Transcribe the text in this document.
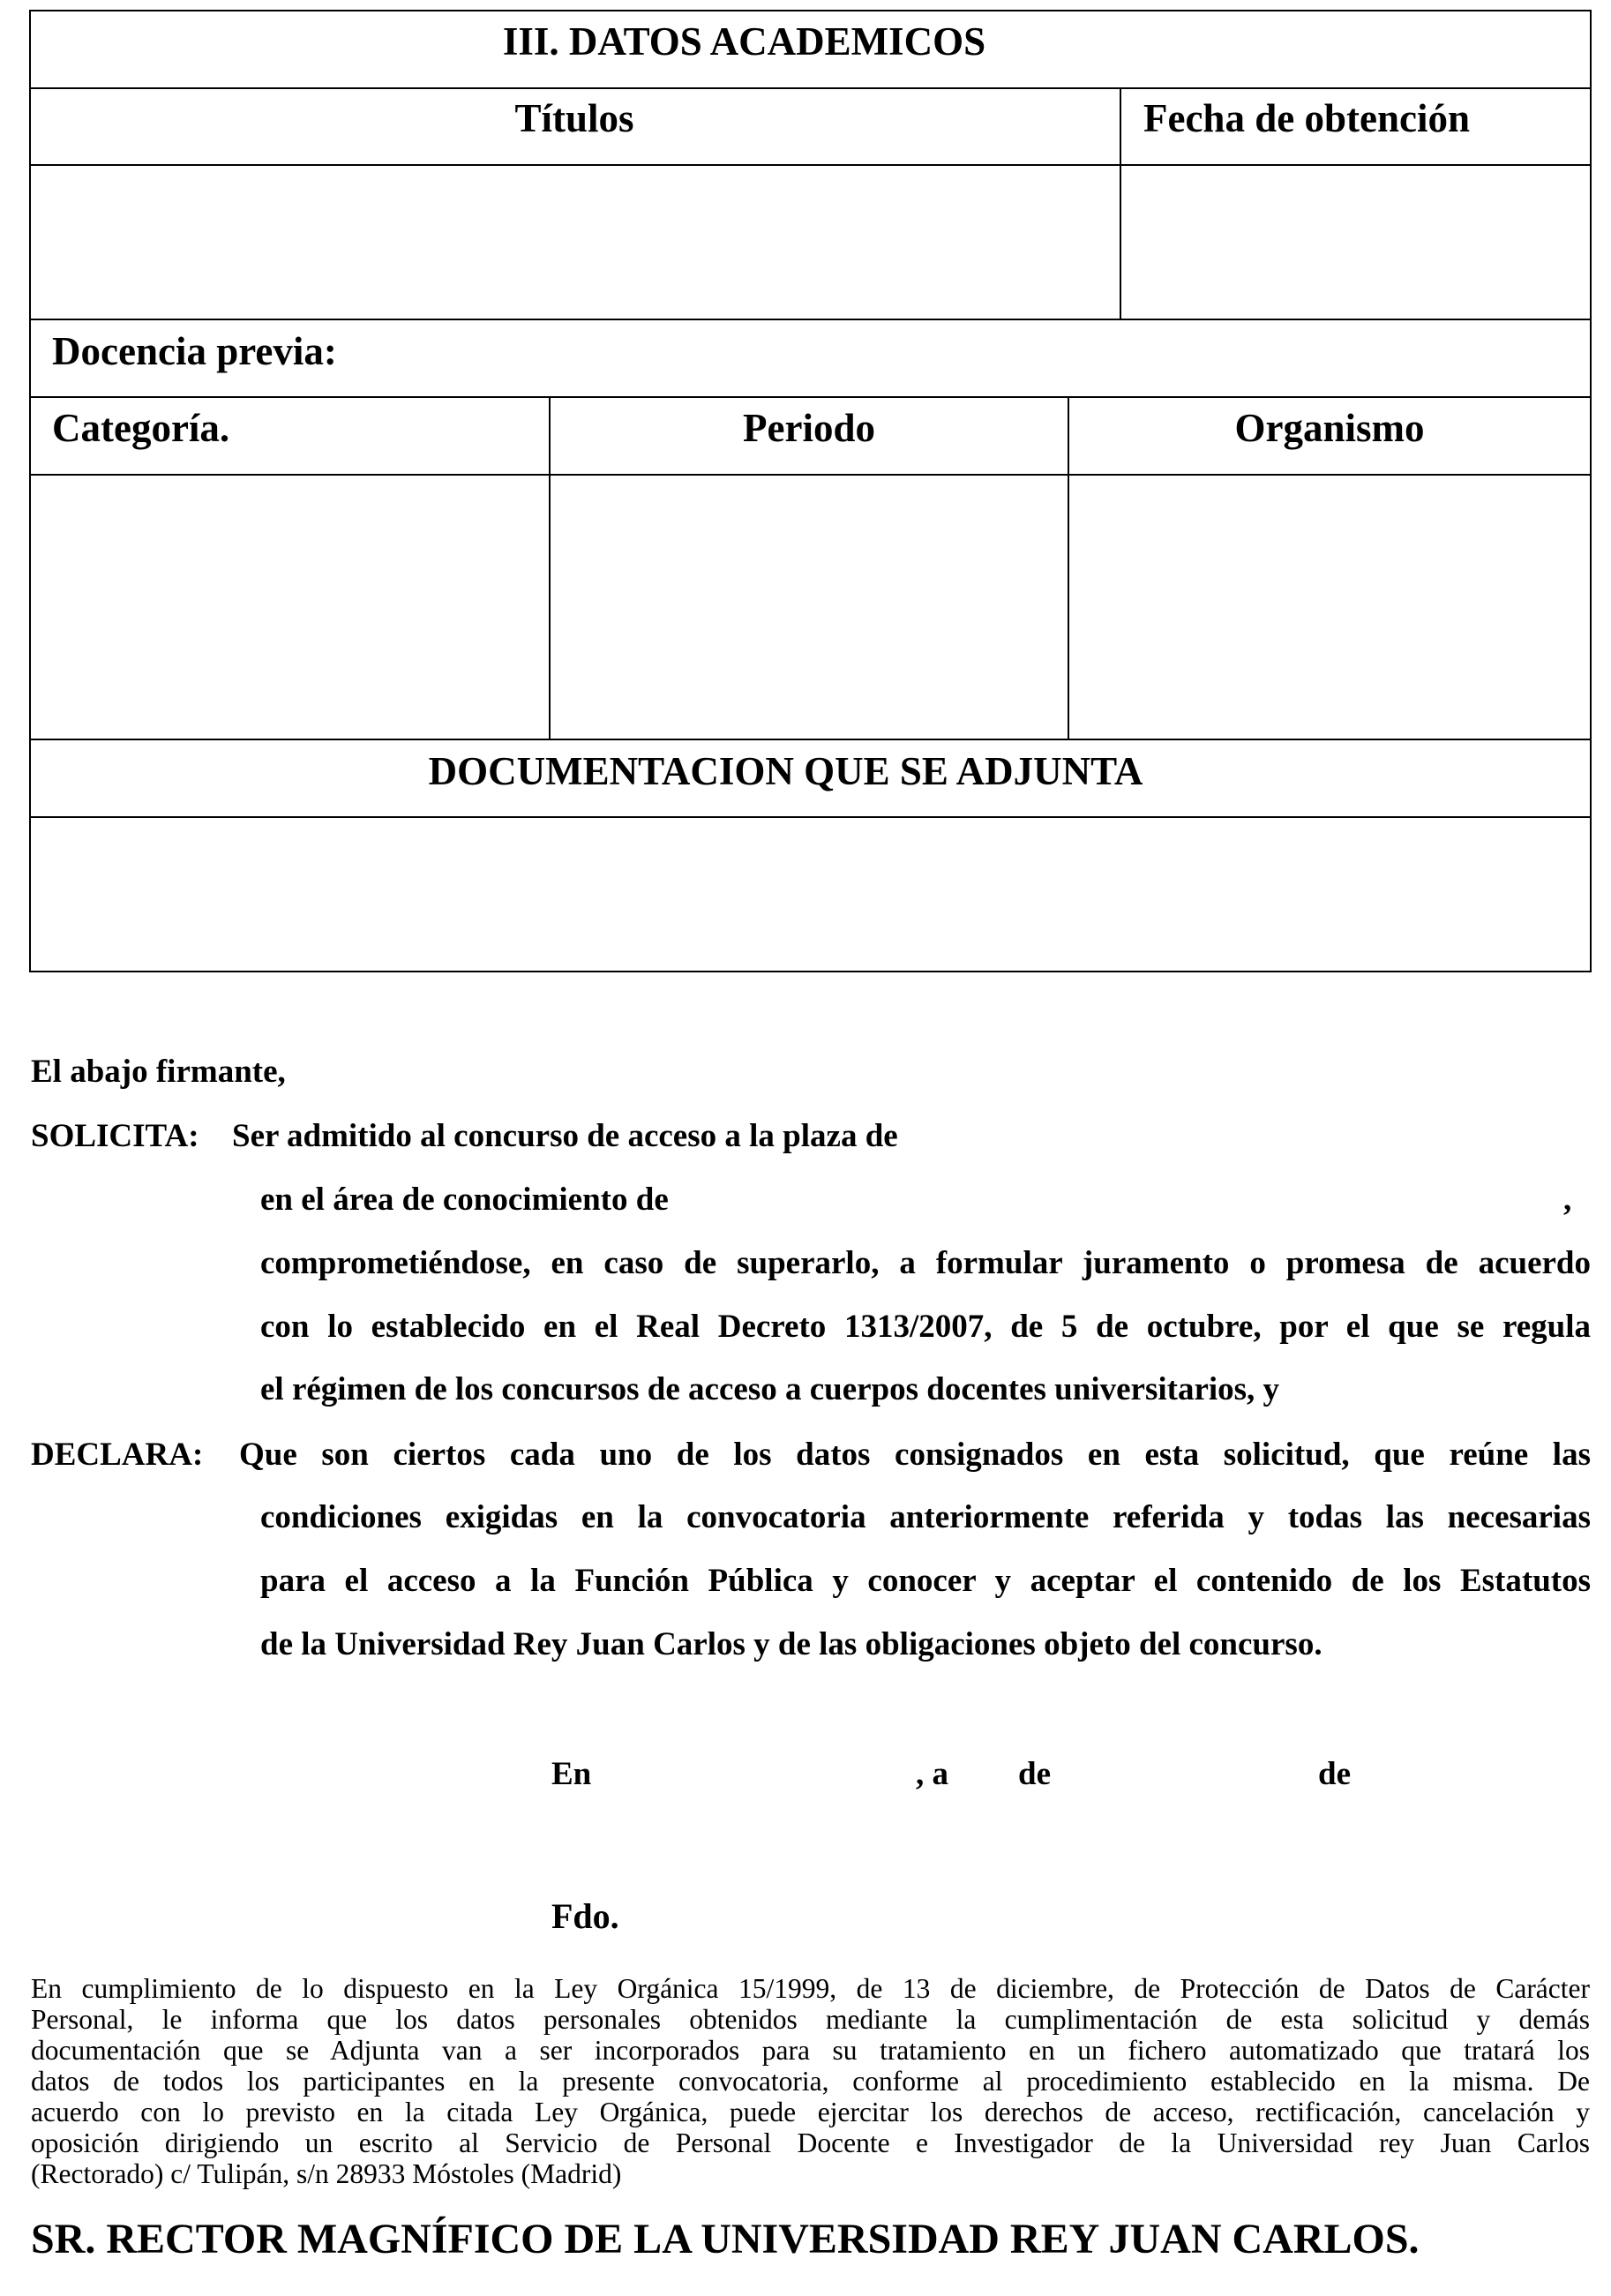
III. DATOS ACADEMICOS
Títulos	Fecha de obtención
Docencia previa:
Categoría.	Periodo	Organismo
DOCUMENTACION QUE SE ADJUNTA
El abajo firmante,
SOLICITA: Ser admitido al concurso de acceso a la plaza de
en el área de conocimiento de	,
comprometiéndose, en caso de superarlo, a formular juramento o promesa de acuerdo
con lo establecido en el Real Decreto 1313/2007, de 5 de octubre, por el que se regula
el régimen de los concursos de acceso a cuerpos docentes universitarios, y
DECLARA: Que son ciertos cada uno de los datos consignados en esta solicitud, que reúne las
condiciones exigidas en la convocatoria anteriormente referida y todas las necesarias
para el acceso a la Función Pública y conocer y aceptar el contenido de los Estatutos
de la Universidad Rey Juan Carlos y de las obligaciones objeto del concurso.
En	, a de	de
Fdo.
En cumplimiento de lo dispuesto en la Ley Orgánica 15/1999, de 13 de diciembre, de Protección de Datos de Carácter
Personal, le informa que los datos personales obtenidos mediante la cumplimentación de esta solicitud y demás
documentación que se Adjunta van a ser incorporados para su tratamiento en un fichero automatizado que tratará los
datos de todos los participantes en la presente convocatoria, conforme al procedimiento establecido en la misma. De
acuerdo con lo previsto en la citada Ley Orgánica, puede ejercitar los derechos de acceso, rectificación, cancelación y
oposición dirigiendo un escrito al Servicio de Personal Docente e Investigador de la Universidad rey Juan Carlos
(Rectorado) c/ Tulipán, s/n 28933 Móstoles (Madrid)
SR. RECTOR MAGNÍFICO DE LA UNIVERSIDAD REY JUAN CARLOS.
